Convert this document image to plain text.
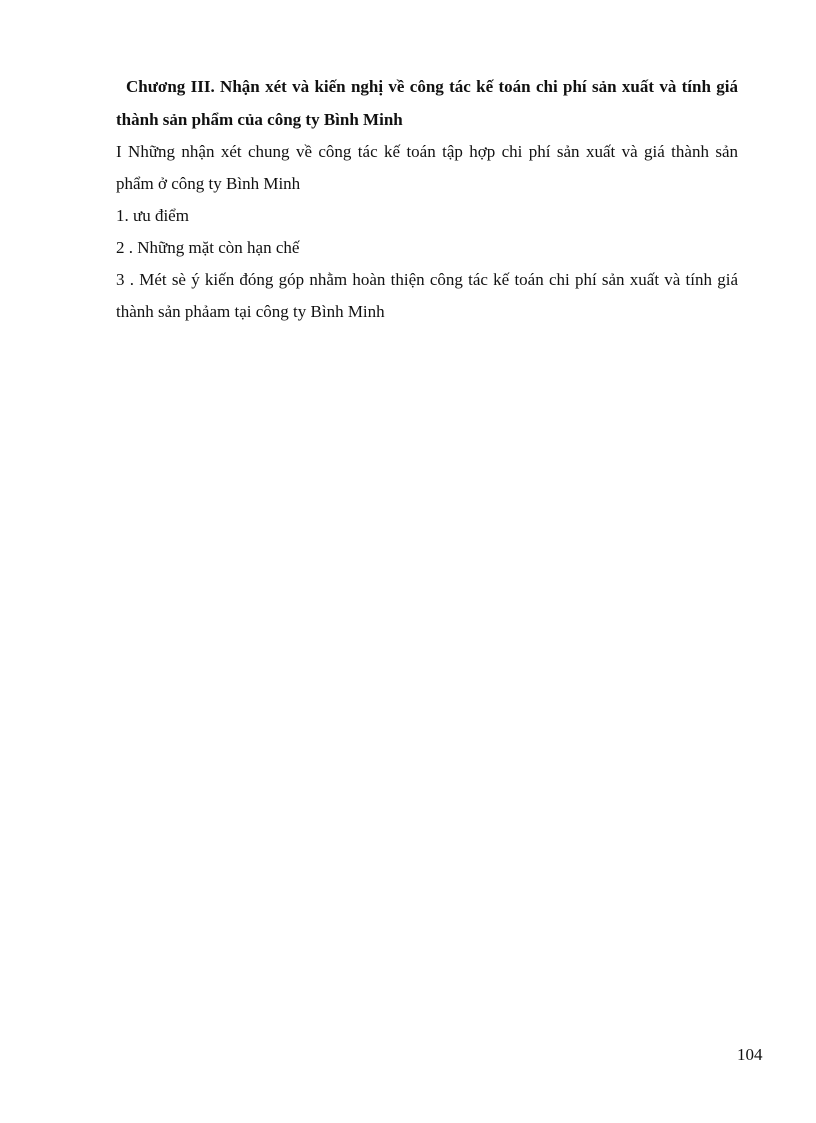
Chương III. Nhận xét và kiến nghị về công tác kế toán chi phí sản xuất và tính giá thành sản phẩm của công ty Bình Minh

I Những nhận xét chung về công tác kế toán tập hợp chi phí sản xuất và giá thành sản phẩm ở công ty Bình Minh

1. ưu điểm

2 . Những mặt còn hạn chế

3 . Mét sè ý kiến đóng góp nhằm hoàn thiện công tác kế toán chi phí sản xuất và tính giá thành sản phảam tại công ty Bình Minh

104
